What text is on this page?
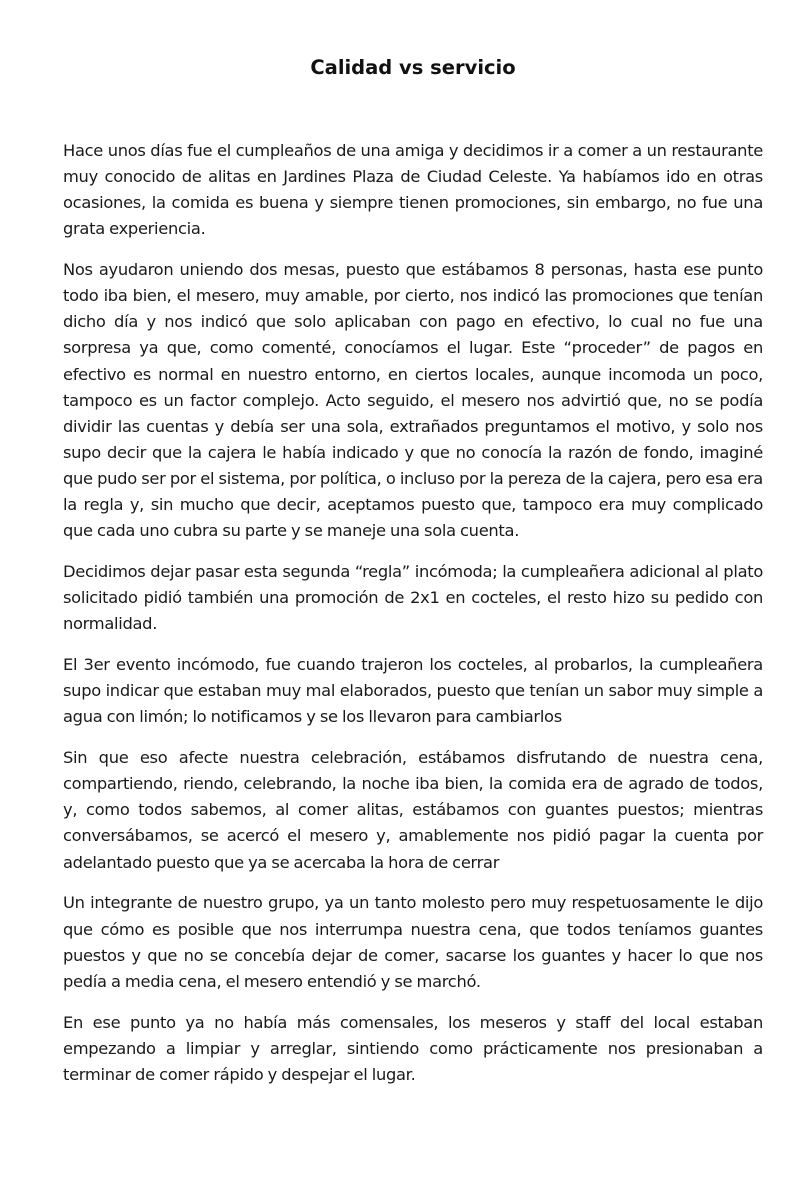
Calidad vs servicio

Hace unos días fue el cumpleaños de una amiga y decidimos ir a comer a un restaurante muy conocido de alitas en Jardines Plaza de Ciudad Celeste. Ya habíamos ido en otras ocasiones, la comida es buena y siempre tienen promociones, sin embargo, no fue una grata experiencia.

Nos ayudaron uniendo dos mesas, puesto que estábamos 8 personas, hasta ese punto todo iba bien, el mesero, muy amable, por cierto, nos indicó las promociones que tenían dicho día y nos indicó que solo aplicaban con pago en efectivo, lo cual no fue una sorpresa ya que, como comenté, conocíamos el lugar. Este “proceder” de pagos en efectivo es normal en nuestro entorno, en ciertos locales, aunque incomoda un poco, tampoco es un factor complejo. Acto seguido, el mesero nos advirtió que, no se podía dividir las cuentas y debía ser una sola, extrañados preguntamos el motivo, y solo nos supo decir que la cajera le había indicado y que no conocía la razón de fondo, imaginé que pudo ser por el sistema, por política, o incluso por la pereza de la cajera, pero esa era la regla y, sin mucho que decir, aceptamos puesto que, tampoco era muy complicado que cada uno cubra su parte y se maneje una sola cuenta.

Decidimos dejar pasar esta segunda “regla” incómoda; la cumpleañera adicional al plato solicitado pidió también una promoción de 2x1 en cocteles, el resto hizo su pedido con normalidad.

El 3er evento incómodo, fue cuando trajeron los cocteles, al probarlos, la cumpleañera supo indicar que estaban muy mal elaborados, puesto que tenían un sabor muy simple a agua con limón; lo notificamos y se los llevaron para cambiarlos

Sin que eso afecte nuestra celebración, estábamos disfrutando de nuestra cena, compartiendo, riendo, celebrando, la noche iba bien, la comida era de agrado de todos, y, como todos sabemos, al comer alitas, estábamos con guantes puestos; mientras conversábamos, se acercó el mesero y, amablemente nos pidió pagar la cuenta por adelantado puesto que ya se acercaba la hora de cerrar

Un integrante de nuestro grupo, ya un tanto molesto pero muy respetuosamente le dijo que cómo es posible que nos interrumpa nuestra cena, que todos teníamos guantes puestos y que no se concebía dejar de comer, sacarse los guantes y hacer lo que nos pedía a media cena, el mesero entendió y se marchó.

En ese punto ya no había más comensales, los meseros y staff del local estaban empezando a limpiar y arreglar, sintiendo como prácticamente nos presionaban a terminar de comer rápido y despejar el lugar.
